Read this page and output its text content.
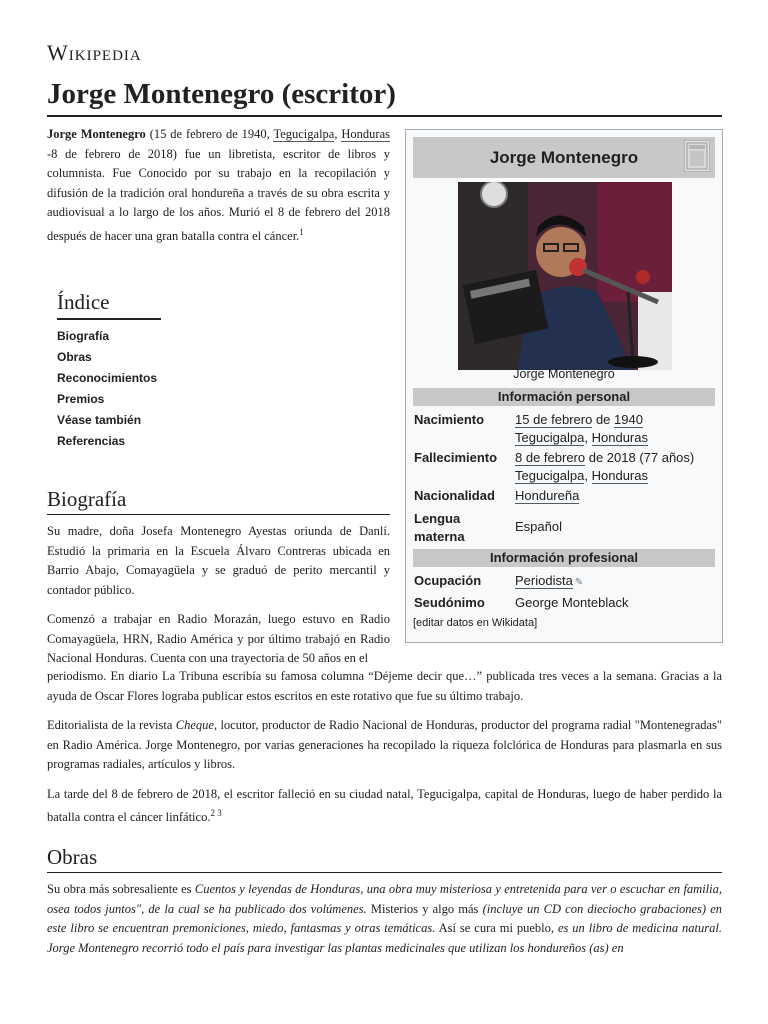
Wikipedia
Jorge Montenegro (escritor)

Jorge Montenegro (15 de febrero de 1940, Tegucigalpa, Honduras -8 de febrero de 2018) fue un libretista, escritor de libros y columnista. Fue Conocido por su trabajo en la recopilación y difusión de la tradición oral hondureña a través de su obra escrita y audiovisual a lo largo de los años. Murió el 8 de febrero del 2018 después de hacer una gran batalla contra el cáncer.$^1$

Índice
Biografía
Obras
Reconocimientos
Premios
Véase también
Referencias
Biografía

Su madre, doña Josefa Montenegro Ayestas oriunda de Danlí. Estudió la primaria en la Escuela Álvaro Contreras ubicada en Barrio Abajo, Comayagüela y se graduó de perito mercantil y contador público.

Comenzó a trabajar en Radio Morazán, luego estuvo en Radio Comayagüela, HRN, Radio América y por último trabajó en Radio Nacional Honduras. Cuenta con una trayectoria de 50 años en el

periodismo. En diario La Tribuna escribía su famosa columna “Déjeme decir que…” publicada tres veces a la semana. Gracias a la ayuda de Oscar Flores lograba publicar estos escritos en este rotativo que fue su último trabajo.

Editorialista de la revista Cheque, locutor, productor de Radio Nacional de Honduras, productor del programa radial "Montenegradas" en Radio América. Jorge Montenegro, por varias generaciones ha recopilado la riqueza folclórica de Honduras para plasmarla en sus programas radiales, artículos y libros.

La tarde del 8 de febrero de 2018, el escritor falleció en su ciudad natal, Tegucigalpa, capital de Honduras, luego de haber perdido la batalla contra el cáncer linfático.$^{2 3}$

Obras

Su obra más sobresaliente es Cuentos y leyendas de Honduras, una obra muy misteriosa y entretenida para ver o escuchar en familia, osea todos juntos", de la cual se ha publicado dos volúmenes. Misterios y algo más (incluye un CD con dieciocho grabaciones) en este libro se encuentran premoniciones, miedo, fantasmas y otras temáticas. Así se cura mi pueblo, es un libro de medicina natural. Jorge Montenegro recorrió todo el país para investigar las plantas medicinales que utilizan los hondureños (as) en

Jorge Montenegro
Jorge Montenegro
Información personal
Nacimiento 15 de febrero de 1940
Tegucigalpa, Honduras
Fallecimiento 8 de febrero de 2018 (77 años)
Tegucigalpa, Honduras
Nacionalidad Hondureña
Lengua
materna
Español
Información profesional
Ocupación	Periodista ✎
Seudónimo George Monteblack
[editar datos en Wikidata]
